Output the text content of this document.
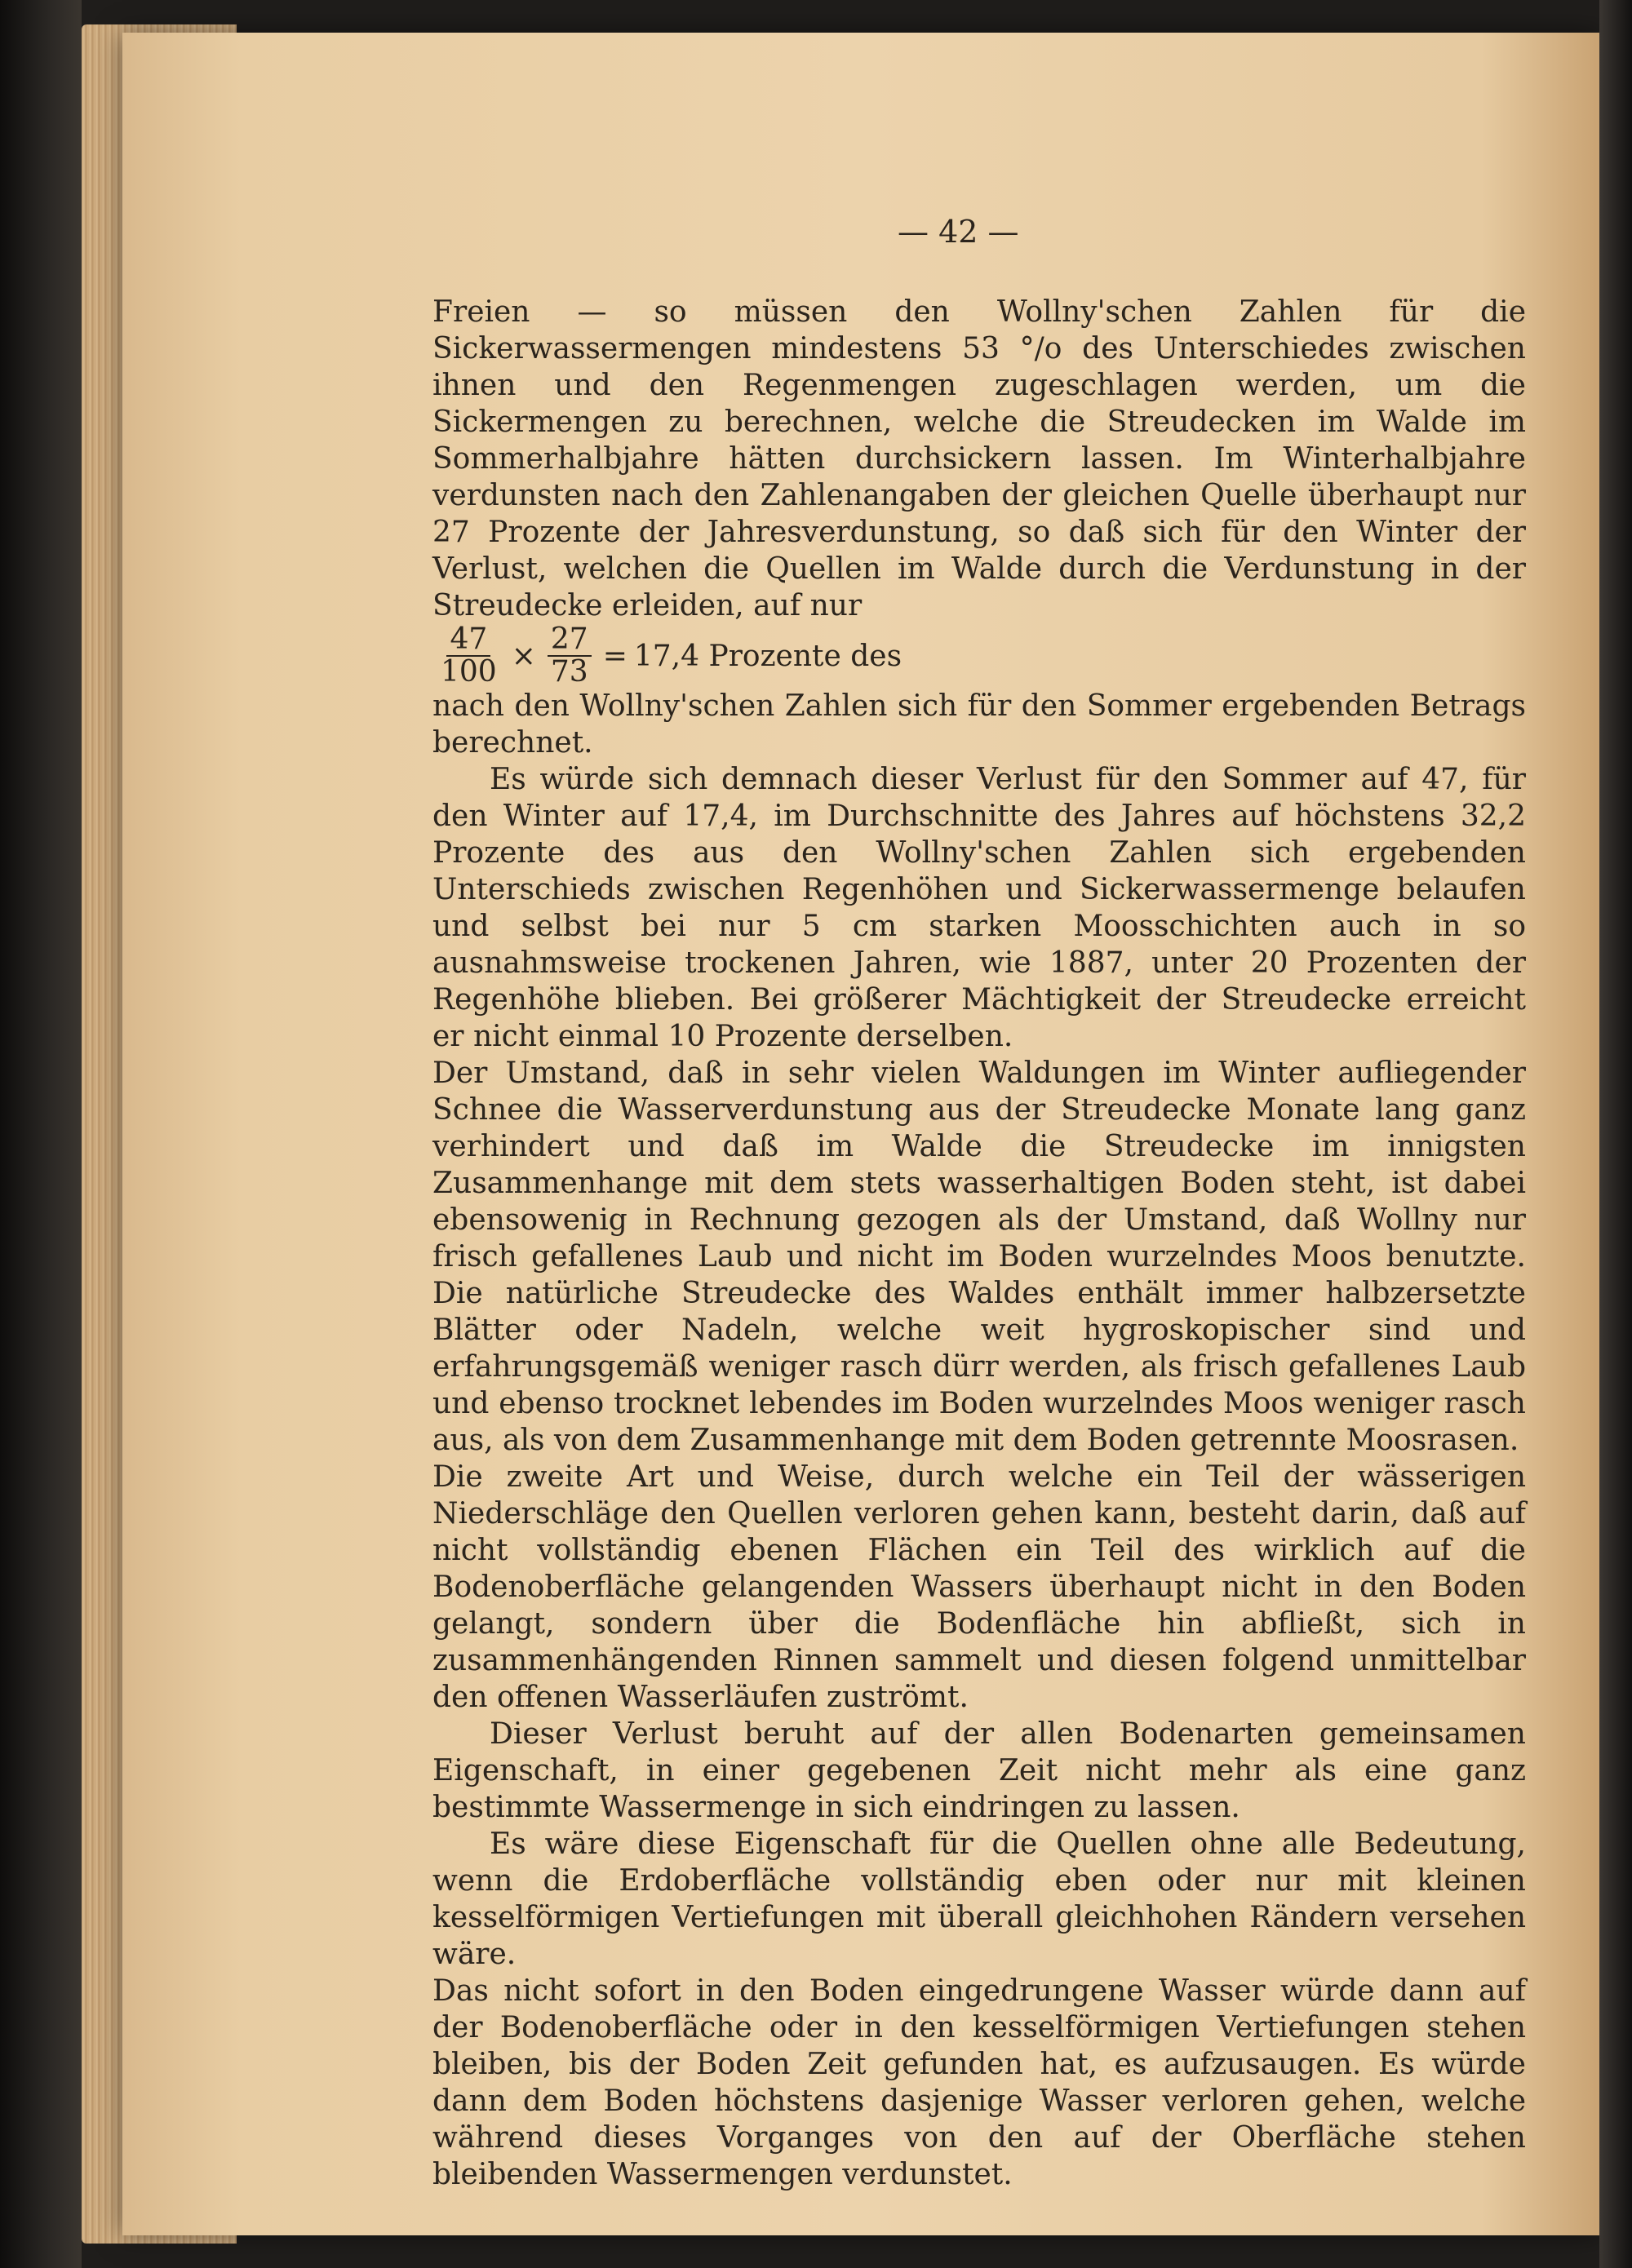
— 42 —

Freien — so müssen den Wollny'schen Zahlen für die Sickerwassermengen mindestens 53 °/o des Unterschiedes zwischen ihnen und den Regenmengen zugeschlagen werden, um die Sickermengen zu berechnen, welche die Streudecken im Walde im Sommerhalbjahre hätten durchsickern lassen. Im Winterhalbjahre verdunsten nach den Zahlenangaben der gleichen Quelle überhaupt nur 27 Prozente der Jahresverdunstung, so daß sich für den Winter der Verlust, welchen die Quellen im Walde durch die Verdunstung in der Streudecke erleiden, auf nur

$\frac{47}{100} \times \frac{27}{73} = 17,4$ Prozente des

nach den Wollny'schen Zahlen sich für den Sommer ergebenden Betrags berechnet.

Es würde sich demnach dieser Verlust für den Sommer auf 47, für den Winter auf 17,4, im Durchschnitte des Jahres auf höchstens 32,2 Prozente des aus den Wollny'schen Zahlen sich ergebenden Unterschieds zwischen Regenhöhen und Sickerwassermenge belaufen und selbst bei nur 5 cm starken Moosschichten auch in so ausnahmsweise trockenen Jahren, wie 1887, unter 20 Prozenten der Regenhöhe blieben. Bei größerer Mächtigkeit der Streudecke erreicht er nicht einmal 10 Prozente derselben.

Der Umstand, daß in sehr vielen Waldungen im Winter aufliegender Schnee die Wasserverdunstung aus der Streudecke Monate lang ganz verhindert und daß im Walde die Streudecke im innigsten Zusammenhange mit dem stets wasserhaltigen Boden steht, ist dabei ebensowenig in Rechnung gezogen als der Umstand, daß Wollny nur frisch gefallenes Laub und nicht im Boden wurzelndes Moos benutzte. Die natürliche Streudecke des Waldes enthält immer halbzersetzte Blätter oder Nadeln, welche weit hygroskopischer sind und erfahrungsgemäß weniger rasch dürr werden, als frisch gefallenes Laub und ebenso trocknet lebendes im Boden wurzelndes Moos weniger rasch aus, als von dem Zusammenhange mit dem Boden getrennte Moosrasen.

Die zweite Art und Weise, durch welche ein Teil der wässerigen Niederschläge den Quellen verloren gehen kann, besteht darin, daß auf nicht vollständig ebenen Flächen ein Teil des wirklich auf die Bodenoberfläche gelangenden Wassers überhaupt nicht in den Boden gelangt, sondern über die Bodenfläche hin abfließt, sich in zusammenhängenden Rinnen sammelt und diesen folgend unmittelbar den offenen Wasserläufen zuströmt.

Dieser Verlust beruht auf der allen Bodenarten gemeinsamen Eigenschaft, in einer gegebenen Zeit nicht mehr als eine ganz bestimmte Wassermenge in sich eindringen zu lassen.

Es wäre diese Eigenschaft für die Quellen ohne alle Bedeutung, wenn die Erdoberfläche vollständig eben oder nur mit kleinen kesselförmigen Vertiefungen mit überall gleichhohen Rändern versehen wäre.

Das nicht sofort in den Boden eingedrungene Wasser würde dann auf der Bodenoberfläche oder in den kesselförmigen Vertiefungen stehen bleiben, bis der Boden Zeit gefunden hat, es aufzusaugen. Es würde dann dem Boden höchstens dasjenige Wasser verloren gehen, welche während dieses Vorganges von den auf der Oberfläche stehen bleibenden Wassermengen verdunstet.
